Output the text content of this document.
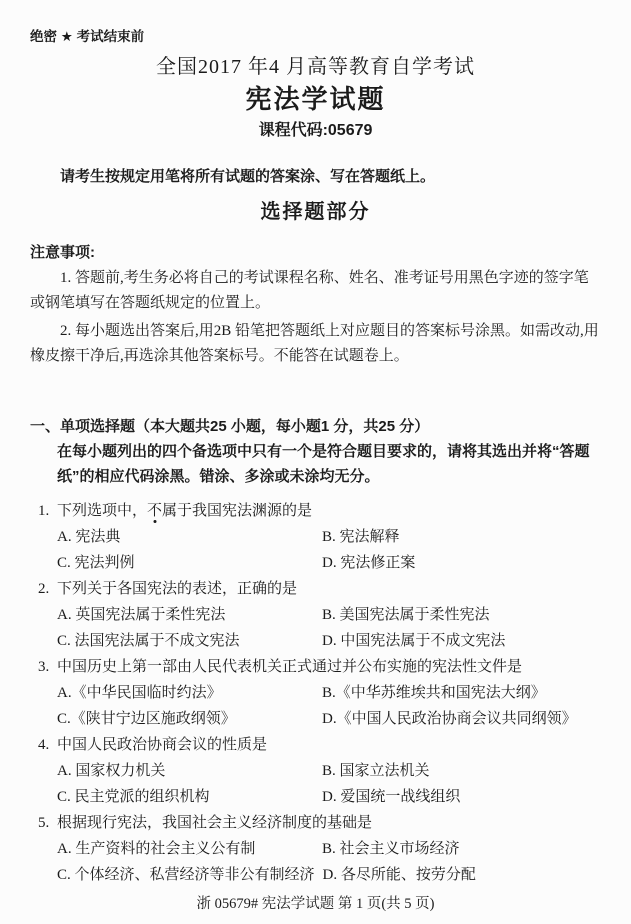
绝密 ★ 考试结束前
全国2017 年4 月高等教育自学考试
宪法学试题
课程代码:05679

请考生按规定用笔将所有试题的答案涂、写在答题纸上。

选择题部分
注意事项:

1. 答题前,考生务必将自己的考试课程名称、姓名、准考证号用黑色字迹的签字笔或钢笔填写在答题纸规定的位置上。

2. 每小题选出答案后,用2B 铅笔把答题纸上对应题目的答案标号涂黑。如需改动,用橡皮擦干净后,再选涂其他答案标号。不能答在试题卷上。

一、单项选择题（本大题共25 小题，每小题1 分，共25 分）
在每小题列出的四个备选项中只有一个是符合题目要求的，请将其选出并将“答题纸”的相应代码涂黑。错涂、多涂或未涂均无分。
1. 下列选项中，不属于我国宪法渊源的是
A. 宪法典	B. 宪法解释
C. 宪法判例	D. 宪法修正案
2. 下列关于各国宪法的表述，正确的是
A. 英国宪法属于柔性宪法	B. 美国宪法属于柔性宪法
C. 法国宪法属于不成文宪法	D. 中国宪法属于不成文宪法
3. 中国历史上第一部由人民代表机关正式通过并公布实施的宪法性文件是
A.《中华民国临时约法》	B.《中华苏维埃共和国宪法大纲》
C.《陕甘宁边区施政纲领》	D.《中国人民政治协商会议共同纲领》
4. 中国人民政治协商会议的性质是
A. 国家权力机关	B. 国家立法机关
C. 民主党派的组织机构	D. 爱国统一战线组织
5. 根据现行宪法，我国社会主义经济制度的基础是
A. 生产资料的社会主义公有制	B. 社会主义市场经济
C. 个体经济、私营经济等非公有制经济 D. 各尽所能、按劳分配
浙 05679# 宪法学试题 第 1 页(共 5 页)
